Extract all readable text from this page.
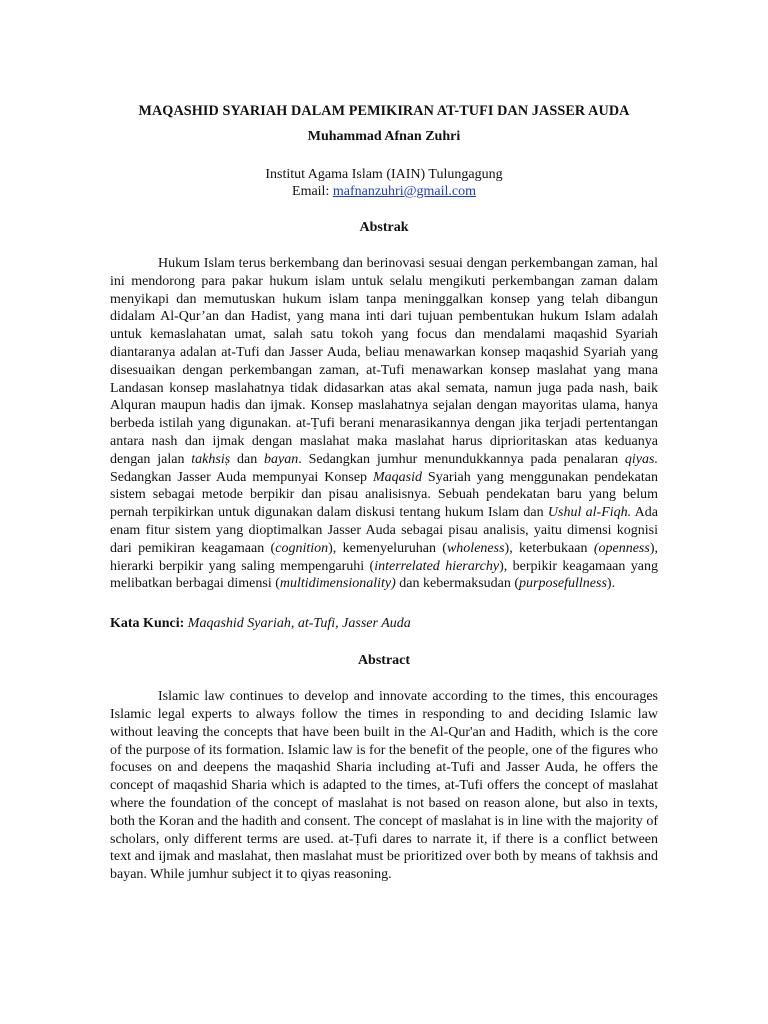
MAQASHID SYARIAH DALAM PEMIKIRAN AT-TUFI DAN JASSER AUDA

Muhammad Afnan Zuhri

Institut Agama Islam (IAIN) Tulungagung

Email: mafnanzuhri@gmail.com

Abstrak

Hukum Islam terus berkembang dan berinovasi sesuai dengan perkembangan zaman, hal ini mendorong para pakar hukum islam untuk selalu mengikuti perkembangan zaman dalam menyikapi dan memutuskan hukum islam tanpa meninggalkan konsep yang telah dibangun didalam Al-Qur’an dan Hadist, yang mana inti dari tujuan pembentukan hukum Islam adalah untuk kemaslahatan umat, salah satu tokoh yang focus dan mendalami maqashid Syariah diantaranya adalan at-Tufi dan Jasser Auda, beliau menawarkan konsep maqashid Syariah yang disesuaikan dengan perkembangan zaman, at-Tufi menawarkan konsep maslahat yang mana Landasan konsep maslahatnya tidak didasarkan atas akal semata, namun juga pada nash, baik Alquran maupun hadis dan ijmak. Konsep maslahatnya sejalan dengan mayoritas ulama, hanya berbeda istilah yang digunakan. at-Ṭufi berani menarasikannya dengan jika terjadi pertentangan antara nash dan ijmak dengan maslahat maka maslahat harus diprioritaskan atas keduanya dengan jalan takhsiṣ dan bayan. Sedangkan jumhur menundukkannya pada penalaran qiyas. Sedangkan Jasser Auda mempunyai Konsep Maqasid Syariah yang menggunakan pendekatan sistem sebagai metode berpikir dan pisau analisisnya. Sebuah pendekatan baru yang belum pernah terpikirkan untuk digunakan dalam diskusi tentang hukum Islam dan Ushul al-Fiqh. Ada enam fitur sistem yang dioptimalkan Jasser Auda sebagai pisau analisis, yaitu dimensi kognisi dari pemikiran keagamaan (cognition), kemenyeluruhan (wholeness), keterbukaan (openness), hierarki berpikir yang saling mempengaruhi (interrelated hierarchy), berpikir keagamaan yang melibatkan berbagai dimensi (multidimensionality) dan kebermaksudan (purposefullness).

Kata Kunci: Maqashid Syariah, at-Tufi, Jasser Auda

Abstract

Islamic law continues to develop and innovate according to the times, this encourages Islamic legal experts to always follow the times in responding to and deciding Islamic law without leaving the concepts that have been built in the Al-Qur'an and Hadith, which is the core of the purpose of its formation. Islamic law is for the benefit of the people, one of the figures who focuses on and deepens the maqashid Sharia including at-Tufi and Jasser Auda, he offers the concept of maqashid Sharia which is adapted to the times, at-Tufi offers the concept of maslahat where the foundation of the concept of maslahat is not based on reason alone, but also in texts, both the Koran and the hadith and consent. The concept of maslahat is in line with the majority of scholars, only different terms are used. at-Ṭufi dares to narrate it, if there is a conflict between text and ijmak and maslahat, then maslahat must be prioritized over both by means of takhsis and bayan. While jumhur subject it to qiyas reasoning.
